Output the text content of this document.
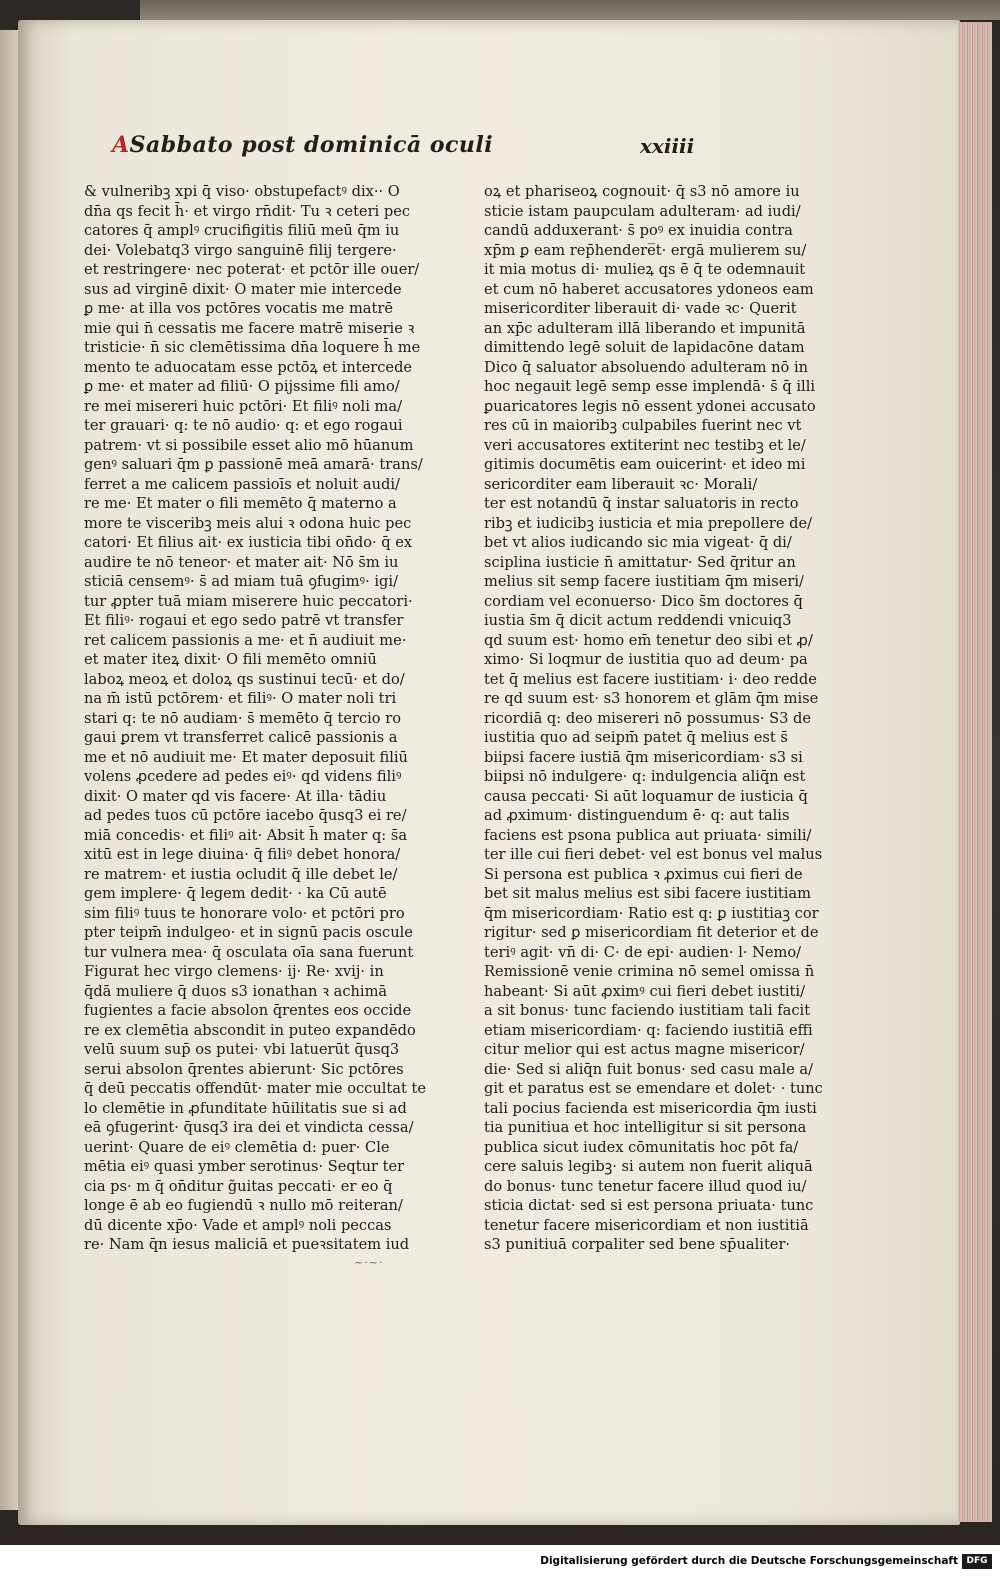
ASabbato post dominicā oculi	xxiiii
& vulneribꝫ xpi q̄ viso· obstupefactꝰ dix·· O
dn̄a qs fecit h̄· et virgo rn̄dit· Tu ꝛ ceteri pec
catores q̄ amplꝰ crucifigitis filiū meū q̄m iu
dei· Volebatq3 virgo sanguinē filij tergere·
et restringere· nec poterat· et pctōr ille ouer/
sus ad virginē dixit· O mater mie intercede
ꝑ me· at illa vos pctōres vocatis me matrē
mie qui n̄ cessatis me facere matrē miserie ꝛ
tristicie· n̄ sic clemētissima dn̄a loquere h̄ me
mento te aduocatam esse pctōꝝ et intercede
ꝑ me· et mater ad filiū· O pijssime fili amo/
re mei misereri huic pctōri· Et filiꝰ noli ma/
ter grauari· q: te nō audio· q: et ego rogaui
patrem· vt si possibile esset alio mō hūanum
genꝰ saluari q̄m ꝑ passionē meā amarā· trans/
ferret a me calicem passioīs et noluit audi/
re me· Et mater o fili memēto q̄ materno a
more te visceribꝫ meis alui ꝛ odona huic pec
catori· Et filius ait· ex iusticia tibi on̄do· q̄ ex
audire te nō teneor· et mater ait· Nō s̄m iu
sticiā censemꝰ· s̄ ad miam tuā ꝯfugimꝰ· igi/
tur ꝓpter tuā miam miserere huic peccatori·
Et filiꝰ· rogaui et ego sedo patrē vt transfer
ret calicem passionis a me· et n̄ audiuit me·
et mater iteꝝ dixit· O fili memēto omniū
laboꝝ meoꝝ et doloꝝ qs sustinui tecū· et do/
na m̄ istū pctōrem· et filiꝰ· O mater noli tri
stari q: te nō audiam· s̄ memēto q̄ tercio ro
gaui ꝑrem vt transferret calicē passionis a
me et nō audiuit me· Et mater deposuit filiū
volens ꝓcedere ad pedes eiꝰ· qd videns filiꝰ
dixit· O mater qd vis facere· At illa· tādiu
ad pedes tuos cū pctōre iacebo q̄usq3 ei re/
miā concedis· et filiꝰ ait· Absit h̄ mater q: s̄a
xitū est in lege diuina· q̄ filiꝰ debet honora/
re matrem· et iustia ocludit q̄ ille debet le/
gem implere· q̄ legem dedit· · ka Cū autē
sim filiꝰ tuus te honorare volo· et pctōri pro
pter teipm̄ indulgeo· et in signū pacis oscule
tur vulnera mea· q̄ osculata oīa sana fuerunt
Figurat hec virgo clemens· ij· Re· xvij· in
q̄dā muliere q̄ duos s3 ionathan ꝛ achimā
fugientes a facie absolon q̄rentes eos occide
re ex clemētia abscondit in puteo expandēdo
velū suum sup̄ os putei· vbi latuerūt q̄usq3
serui absolon q̄rentes abierunt· Sic pctōres
q̄ deū peccatis offendūt· mater mie occultat te
lo clemētie in ꝓfunditate hūilitatis sue si ad
eā ꝯfugerint· q̄usq3 ira dei et vindicta cessa/
uerint· Quare de eiꝰ clemētia d: puer· Cle
mētia eiꝰ quasi ymber serotinus· Seqtur ter
cia ps· m q̄ on̄ditur g̃uitas peccati· er eo q̄
longe ē ab eo fugiendū ꝛ nullo mō reiteran/
dū dicente xp̄o· Vade et amplꝰ noli peccas
re· Nam q̄n iesus maliciā et pueꝛsitatem iud
oꝝ et phariseoꝝ cognouit· q̄ s3 nō amore iu
sticie istam paupculam adulteram· ad iudi/
candū adduxerant· s̄ poꝰ ex inuidia contra
xp̄m ꝑ eam rep̄hendere̅t· ergā mulierem su/
it mia motus di· mulieꝝ qs ē q̄ te odemnauit
et cum nō haberet accusatores ydoneos eam
misericorditer liberauit di· vade ꝛc· Querit
an xp̄c adulteram illā liberando et impunitā
dimittendo legē soluit de lapidacōne datam
Dico q̄ saluator absoluendo adulteram nō in
hoc negauit legē semp esse implendā· s̄ q̄ illi
ꝑuaricatores legis nō essent ydonei accusato
res cū in maioribꝫ culpabiles fuerint nec vt
veri accusatores extiterint nec testibꝫ et le/
gitimis documētis eam ouicerint· et ideo mi
sericorditer eam liberauit ꝛc· Morali/
ter est notandū q̄ instar saluatoris in recto
ribꝫ et iudicibꝫ iusticia et mia prepollere de/
bet vt alios iudicando sic mia vigeat· q̄ di/
sciplina iusticie n̄ amittatur· Sed q̄ritur an
melius sit semp facere iustitiam q̄m miseri/
cordiam vel econuerso· Dico s̄m doctores q̄
iustia s̄m q̄ dicit actum reddendi vnicuiq3
qd suum est· homo em̄ tenetur deo sibi et ꝓ/
ximo· Si loqmur de iustitia quo ad deum· pa
tet q̄ melius est facere iustitiam· i· deo redde
re qd suum est· s3 honorem et glām q̄m mise
ricordiā q: deo misereri nō possumus· S3 de
iustitia quo ad seipm̄ patet q̄ melius est s̄
biipsi facere iustiā q̄m misericordiam· s3 si
biipsi nō indulgere· q: indulgencia aliq̄n est
causa peccati· Si aūt loquamur de iusticia q̄
ad ꝓximum· distinguendum ē· q: aut talis
faciens est psona publica aut priuata· simili/
ter ille cui fieri debet· vel est bonus vel malus
Si persona est publica ꝛ ꝓximus cui fieri de
bet sit malus melius est sibi facere iustitiam
q̄m misericordiam· Ratio est q: ꝑ iustitiaꝫ cor
rigitur· sed ꝑ misericordiam fit deterior et de
teriꝰ agit· vn̄ di· C· de epi· audien· l· Nemo/
Remissionē venie crimina nō semel omissa n̄
habeant· Si aūt ꝓximꝰ cui fieri debet iustiti/
a sit bonus· tunc faciendo iustitiam tali facit
etiam misericordiam· q: faciendo iustitiā effi
citur melior qui est actus magne misericor/
die· Sed si aliq̄n fuit bonus· sed casu male a/
git et paratus est se emendare et dolet· · tunc
tali pocius facienda est misericordia q̄m iusti
tia punitiua et hoc intelligitur si sit persona
publica sicut iudex cōmunitatis hoc pōt fa/
cere saluis legibꝫ· si autem non fuerit aliquā
do bonus· tunc tenetur facere illud quod iu/
sticia dictat· sed si est persona priuata· tunc
tenetur facere misericordiam et non iustitiā
s3 punitiuā corpaliter sed bene sp̄ualiter·
~·~·
Digitalisierung gefördert durch die Deutsche Forschungsgemeinschaft DFG
